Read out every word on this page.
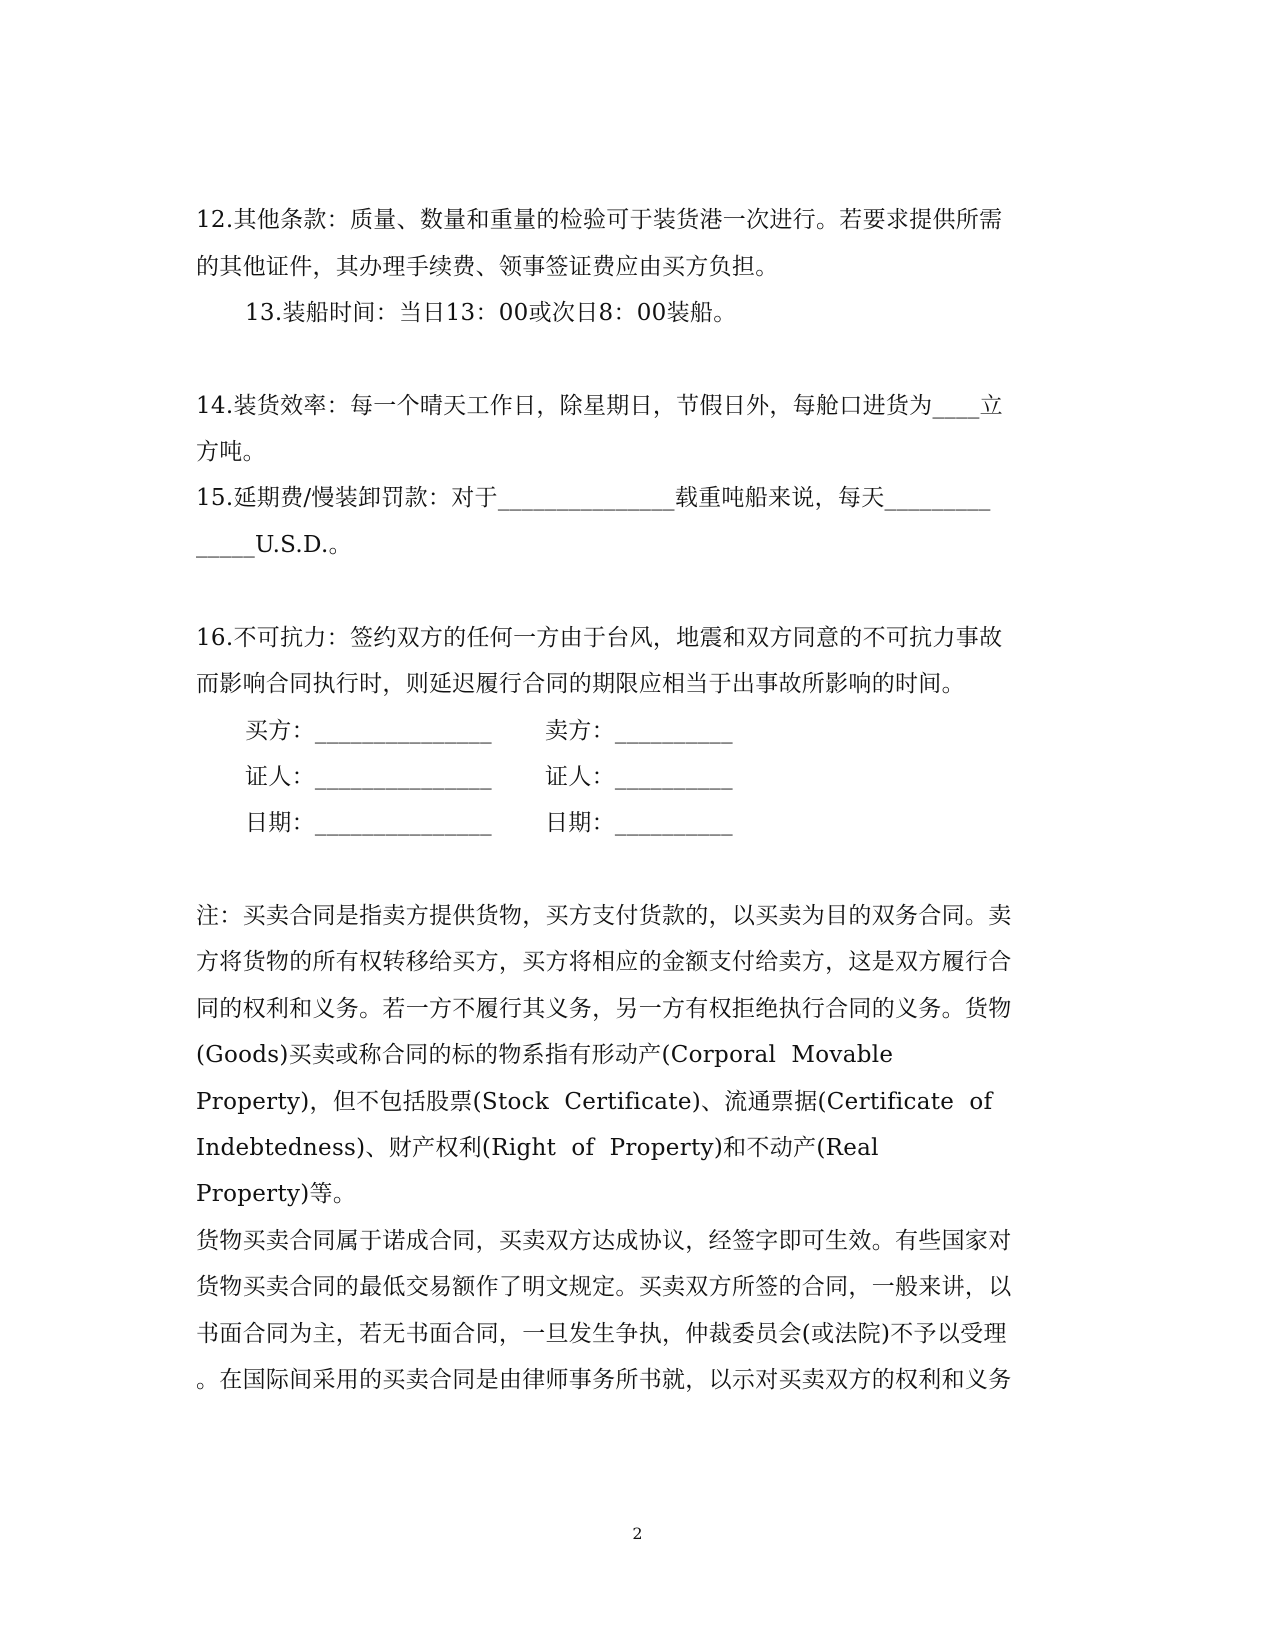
12.其他条款：质量、数量和重量的检验可于装货港一次进行。若要求提供所需

的其他证件，其办理手续费、领事签证费应由买方负担。

13.装船时间：当日13：00或次日8：00装船。

14.装货效率：每一个晴天工作日，除星期日，节假日外，每舱口进货为____立

方吨。

15.延期费/慢装卸罚款：对于_______________载重吨船来说，每天_________

_____U.S.D.。

16.不可抗力：签约双方的任何一方由于台风，地震和双方同意的不可抗力事故

而影响合同执行时，则延迟履行合同的期限应相当于出事故所影响的时间。

买方：_______________ 卖方：__________

证人：_______________ 证人：__________

日期：_______________ 日期：__________

注：买卖合同是指卖方提供货物，买方支付货款的，以买卖为目的双务合同。卖

方将货物的所有权转移给买方，买方将相应的金额支付给卖方，这是双方履行合

同的权利和义务。若一方不履行其义务，另一方有权拒绝执行合同的义务。货物

(Goods)买卖或称合同的标的物系指有形动产(Corporal  Movable

Property)，但不包括股票(Stock  Certificate)、流通票据(Certificate  of

Indebtedness)、财产权利(Right  of  Property)和不动产(Real

Property)等。

货物买卖合同属于诺成合同，买卖双方达成协议，经签字即可生效。有些国家对

货物买卖合同的最低交易额作了明文规定。买卖双方所签的合同，一般来讲，以

书面合同为主，若无书面合同，一旦发生争执，仲裁委员会(或法院)不予以受理

。在国际间采用的买卖合同是由律师事务所书就，以示对买卖双方的权利和义务

2
